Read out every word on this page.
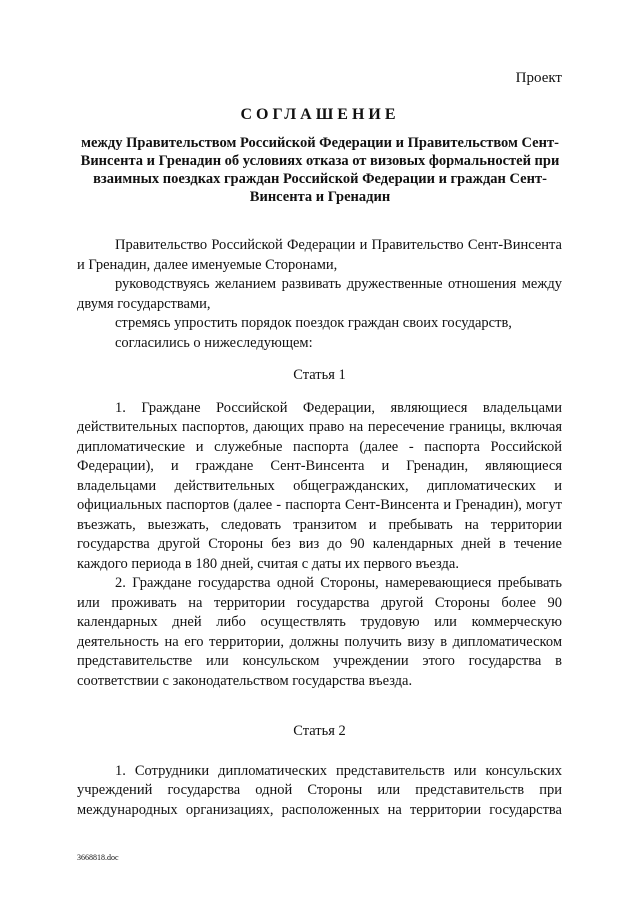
Проект
СОГЛАШЕНИЕ
между Правительством Российской Федерации и Правительством Сент-Винсента и Гренадин об условиях отказа от визовых формальностей при взаимных поездках граждан Российской Федерации и граждан Сент-Винсента и Гренадин

Правительство Российской Федерации и Правительство Сент-Винсента и Гренадин, далее именуемые Сторонами,

руководствуясь желанием развивать дружественные отношения между двумя государствами,

стремясь упростить порядок поездок граждан своих государств,

согласились о нижеследующем:

Статья 1

1. Граждане Российской Федерации, являющиеся владельцами действительных паспортов, дающих право на пересечение границы, включая дипломатические и служебные паспорта (далее - паспорта Российской Федерации), и граждане Сент-Винсента и Гренадин, являющиеся владельцами действительных общегражданских, дипломатических и официальных паспортов (далее - паспорта Сент-Винсента и Гренадин), могут въезжать, выезжать, следовать транзитом и пребывать на территории государства другой Стороны без виз до 90 календарных дней в течение каждого периода в 180 дней, считая с даты их первого въезда.

2. Граждане государства одной Стороны, намеревающиеся пребывать или проживать на территории государства другой Стороны более 90 календарных дней либо осуществлять трудовую или коммерческую деятельность на его территории, должны получить визу в дипломатическом представительстве или консульском учреждении этого государства в соответствии с законодательством государства въезда.

Статья 2

1. Сотрудники дипломатических представительств или консульских учреждений государства одной Стороны или представительств при международных организациях, расположенных на территории государства

3668818.doc
